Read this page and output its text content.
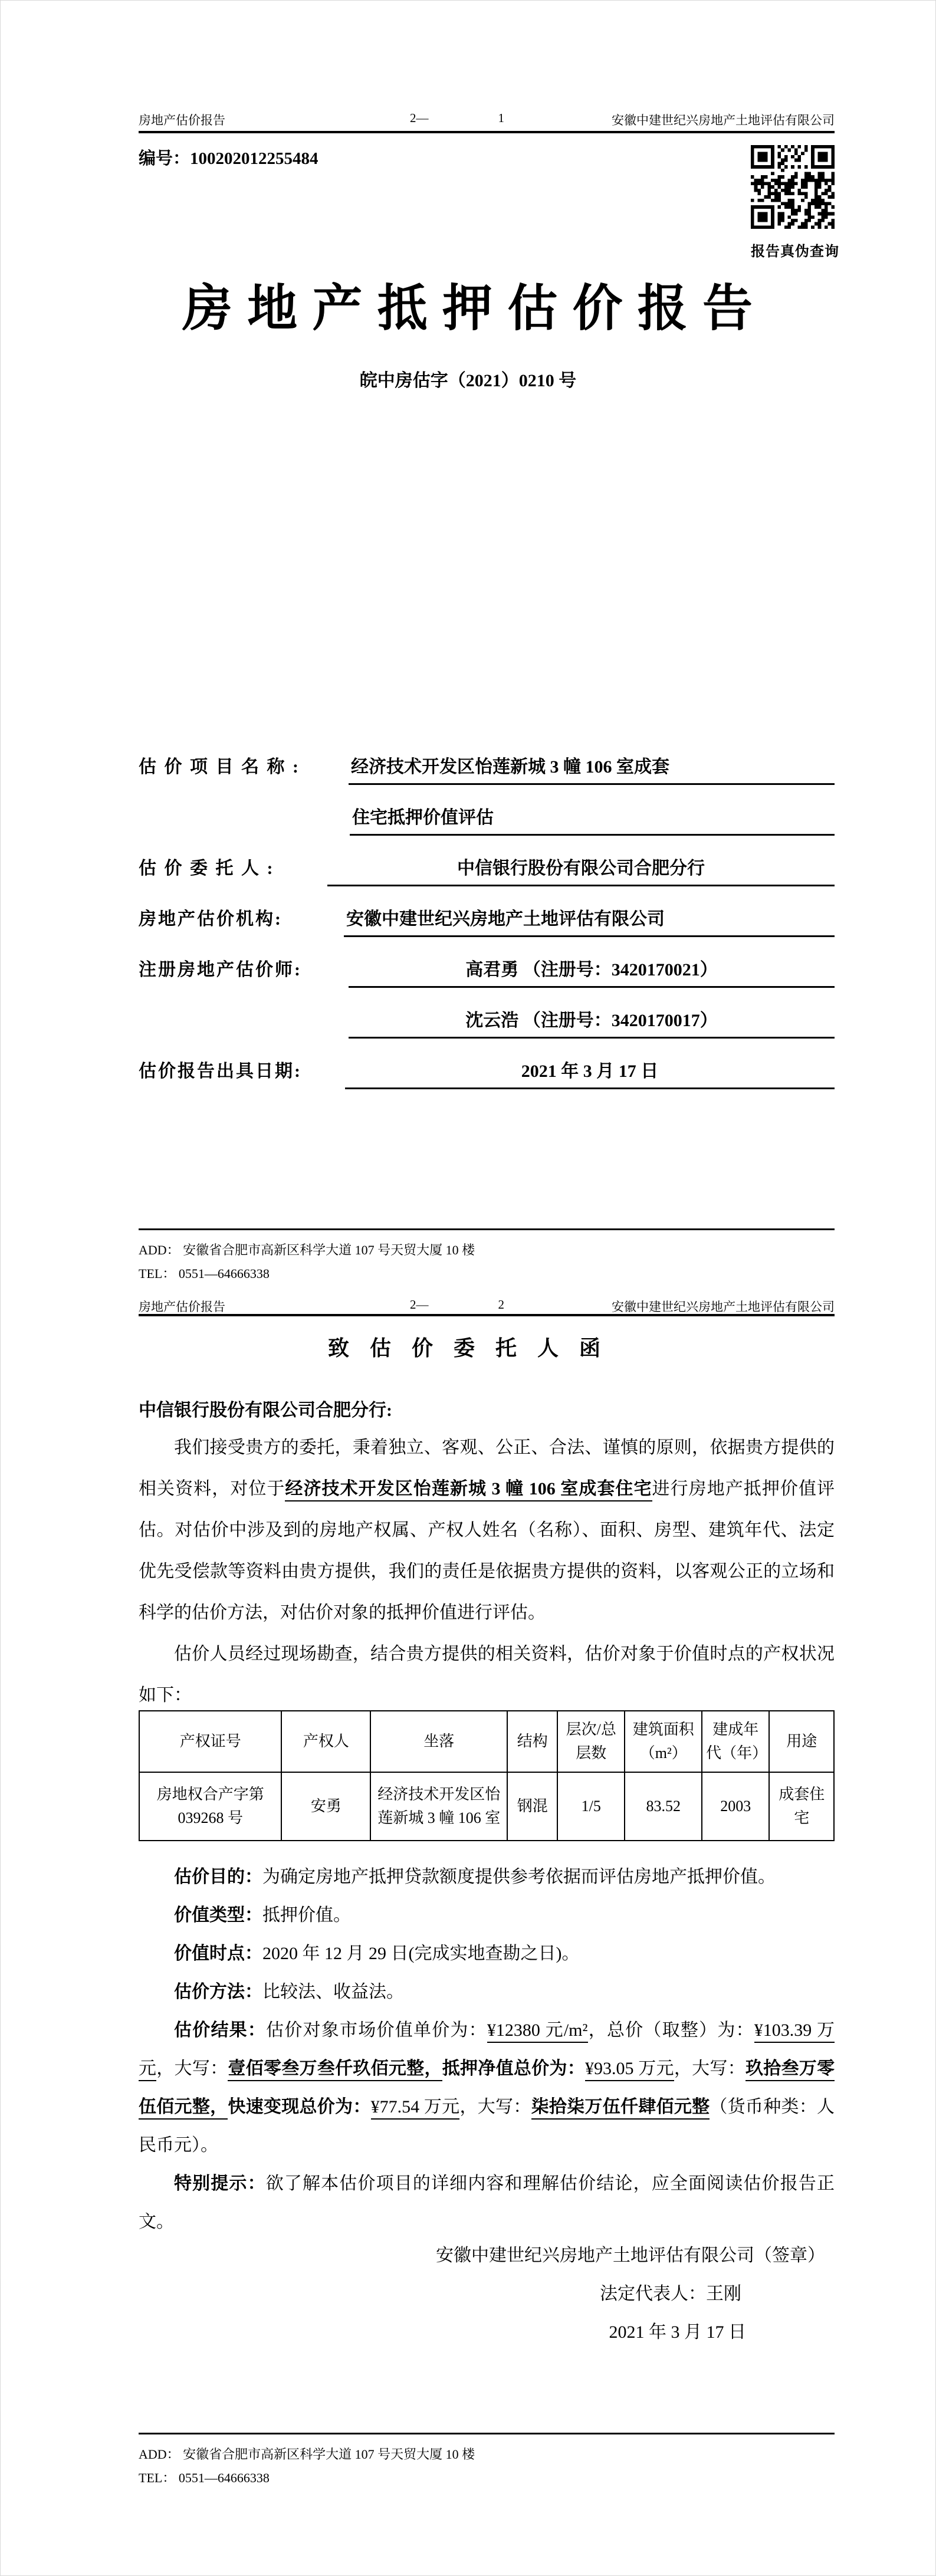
房地产估价报告	2—	1	安徽中建世纪兴房地产土地评估有限公司
编号：100202012255484
报告真伪查询
房 地 产 抵 押 估 价 报 告
皖中房估字（2021）0210 号
估 价 项 目 名 称 :	经济技术开发区怡莲新城 3 幢 106 室成套
住宅抵押价值评估
估 价 委 托 人 :	中信银行股份有限公司合肥分行
房地产估价机构:	安徽中建世纪兴房地产土地评估有限公司
注册房地产估价师:	高君勇 （注册号：3420170021）
沈云浩 （注册号：3420170017）
估价报告出具日期:	2021 年 3 月 17 日
ADD： 安徽省合肥市高新区科学大道 107 号天贸大厦 10 楼
TEL： 0551—64666338
房地产估价报告	2—	2	安徽中建世纪兴房地产土地评估有限公司
致 估 价 委 托 人 函
中信银行股份有限公司合肥分行:

我们接受贵方的委托，秉着独立、客观、公正、合法、谨慎的原则，依据贵方提供的相关资料，对位于经济技术开发区怡莲新城 3 幢 106 室成套住宅进行房地产抵押价值评估。对估价中涉及到的房地产权属、产权人姓名（名称）、面积、房型、建筑年代、法定优先受偿款等资料由贵方提供，我们的责任是依据贵方提供的资料，以客观公正的立场和科学的估价方法，对估价对象的抵押价值进行评估。

估价人员经过现场勘查，结合贵方提供的相关资料，估价对象于价值时点的产权状况如下：

产权证号	产权人	坐落	结构	层次/总层数	建筑面积（m²）	建成年代（年）	用途
房地权合产字第 039268 号	安勇	经济技术开发区怡莲新城 3 幢 106 室	钢混	1/5	83.52	2003	成套住宅
估价目的：为确定房地产抵押贷款额度提供参考依据而评估房地产抵押价值。
价值类型：抵押价值。
价值时点：2020 年 12 月 29 日(完成实地查勘之日)。
估价方法：比较法、收益法。

估价结果：估价对象市场价值单价为：¥12380 元/m²，总价（取整）为：¥103.39 万元，大写：壹佰零叁万叁仟玖佰元整，抵押净值总价为：¥93.05 万元，大写：玖拾叁万零伍佰元整，快速变现总价为：¥77.54 万元，大写：柒拾柒万伍仟肆佰元整（货币种类：人民币元）。

特别提示：欲了解本估价项目的详细内容和理解估价结论，应全面阅读估价报告正文。

安徽中建世纪兴房地产土地评估有限公司（签章）
法定代表人：王刚
2021 年 3 月 17 日
ADD： 安徽省合肥市高新区科学大道 107 号天贸大厦 10 楼
TEL： 0551—64666338
